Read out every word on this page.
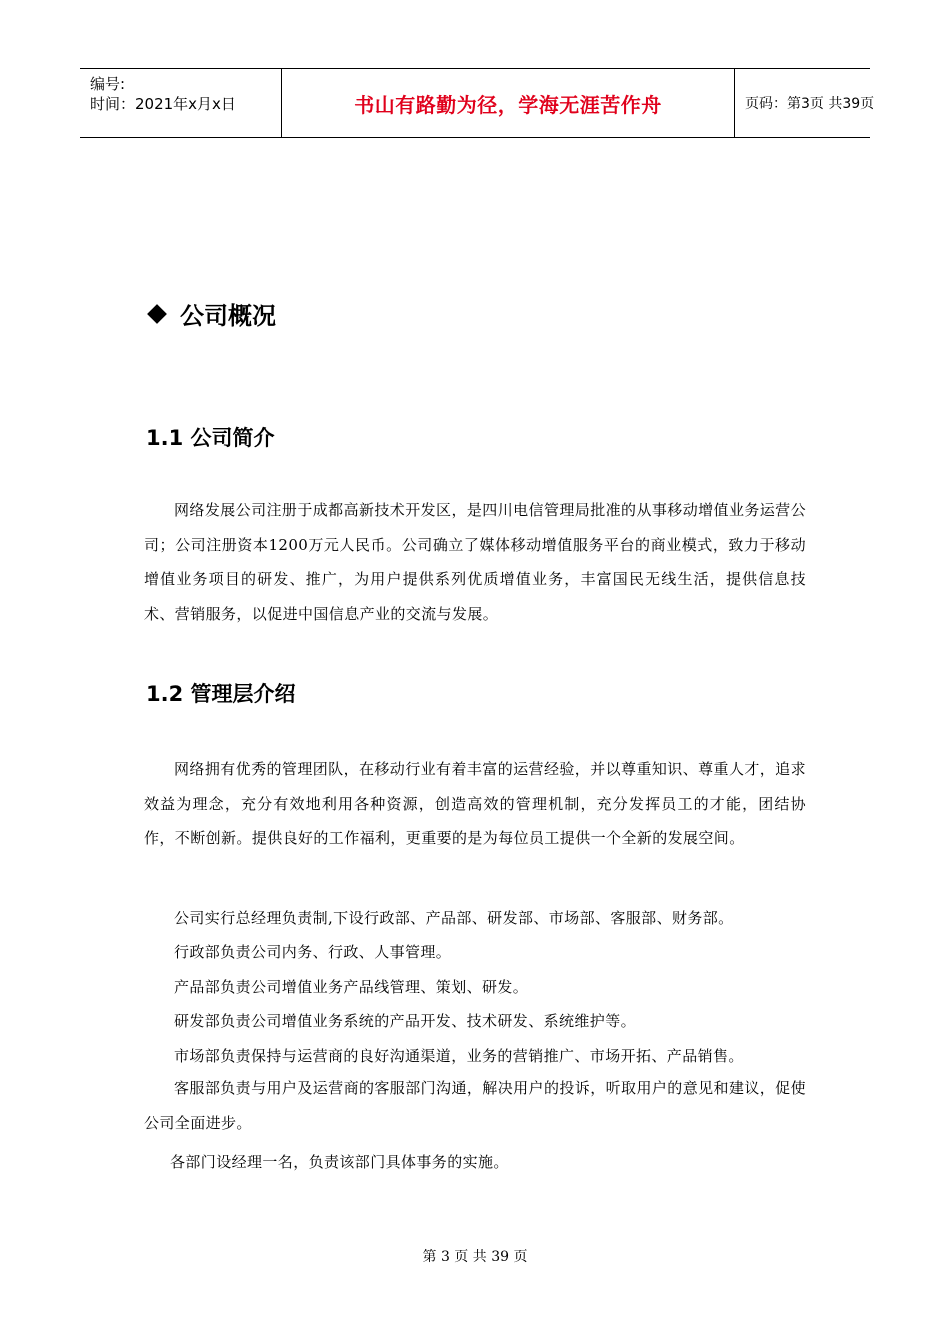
编号:
时间：2021年x月x日	书山有路勤为径，学海无涯苦作舟	页码：第3页 共39页
公司概况
1.1 公司简介

网络发展公司注册于成都高新技术开发区，是四川电信管理局批准的从事移动增值业务运营公司；公司注册资本1200万元人民币。公司确立了媒体移动增值服务平台的商业模式，致力于移动增值业务项目的研发、推广，为用户提供系列优质增值业务，丰富国民无线生活，提供信息技术、营销服务，以促进中国信息产业的交流与发展。

1.2 管理层介绍

网络拥有优秀的管理团队，在移动行业有着丰富的运营经验，并以尊重知识、尊重人才，追求效益为理念，充分有效地利用各种资源，创造高效的管理机制，充分发挥员工的才能，团结协作，不断创新。提供良好的工作福利，更重要的是为每位员工提供一个全新的发展空间。

公司实行总经理负责制,下设行政部、产品部、研发部、市场部、客服部、财务部。

行政部负责公司内务、行政、人事管理。

产品部负责公司增值业务产品线管理、策划、研发。

研发部负责公司增值业务系统的产品开发、技术研发、系统维护等。

市场部负责保持与运营商的良好沟通渠道，业务的营销推广、市场开拓、产品销售。

客服部负责与用户及运营商的客服部门沟通，解决用户的投诉，听取用户的意见和建议，促使公司全面进步。

各部门设经理一名，负责该部门具体事务的实施。

第 3 页 共 39 页
